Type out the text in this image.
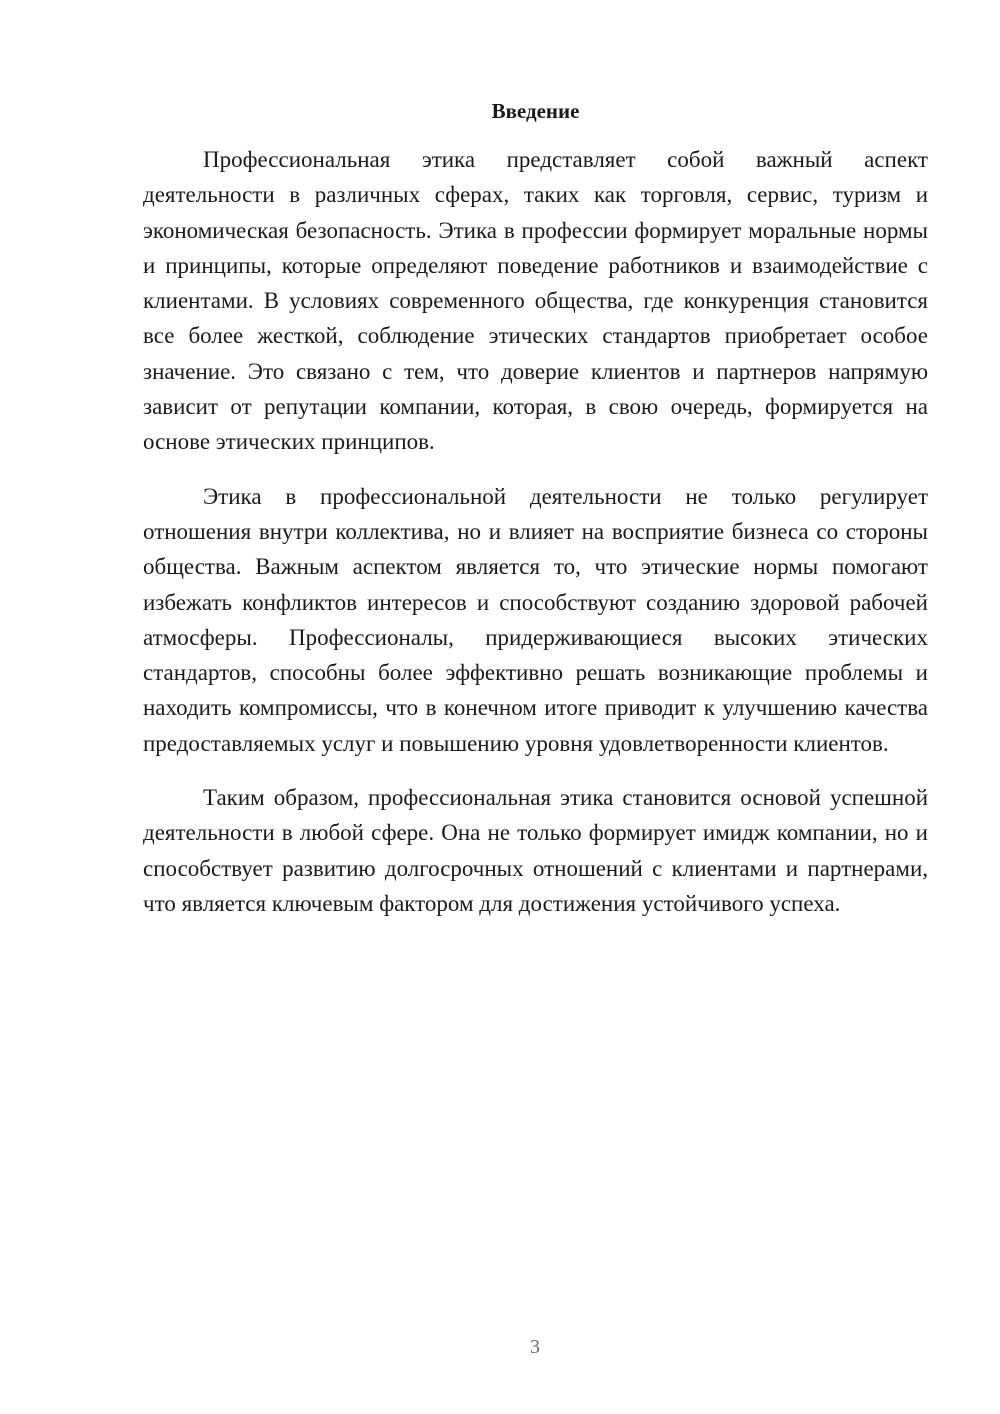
Введение

Профессиональная этика представляет собой важный аспект деятельности в различных сферах, таких как торговля, сервис, туризм и экономическая безопасность. Этика в профессии формирует моральные нормы и принципы, которые определяют поведение работников и взаимодействие с клиентами. В условиях современного общества, где конкуренция становится все более жесткой, соблюдение этических стандартов приобретает особое значение. Это связано с тем, что доверие клиентов и партнеров напрямую зависит от репутации компании, которая, в свою очередь, формируется на основе этических принципов.

Этика в профессиональной деятельности не только регулирует отношения внутри коллектива, но и влияет на восприятие бизнеса со стороны общества. Важным аспектом является то, что этические нормы помогают избежать конфликтов интересов и способствуют созданию здоровой рабочей атмосферы. Профессионалы, придерживающиеся высоких этических стандартов, способны более эффективно решать возникающие проблемы и находить компромиссы, что в конечном итоге приводит к улучшению качества предоставляемых услуг и повышению уровня удовлетворенности клиентов.

Таким образом, профессиональная этика становится основой успешной деятельности в любой сфере. Она не только формирует имидж компании, но и способствует развитию долгосрочных отношений с клиентами и партнерами, что является ключевым фактором для достижения устойчивого успеха.

3
